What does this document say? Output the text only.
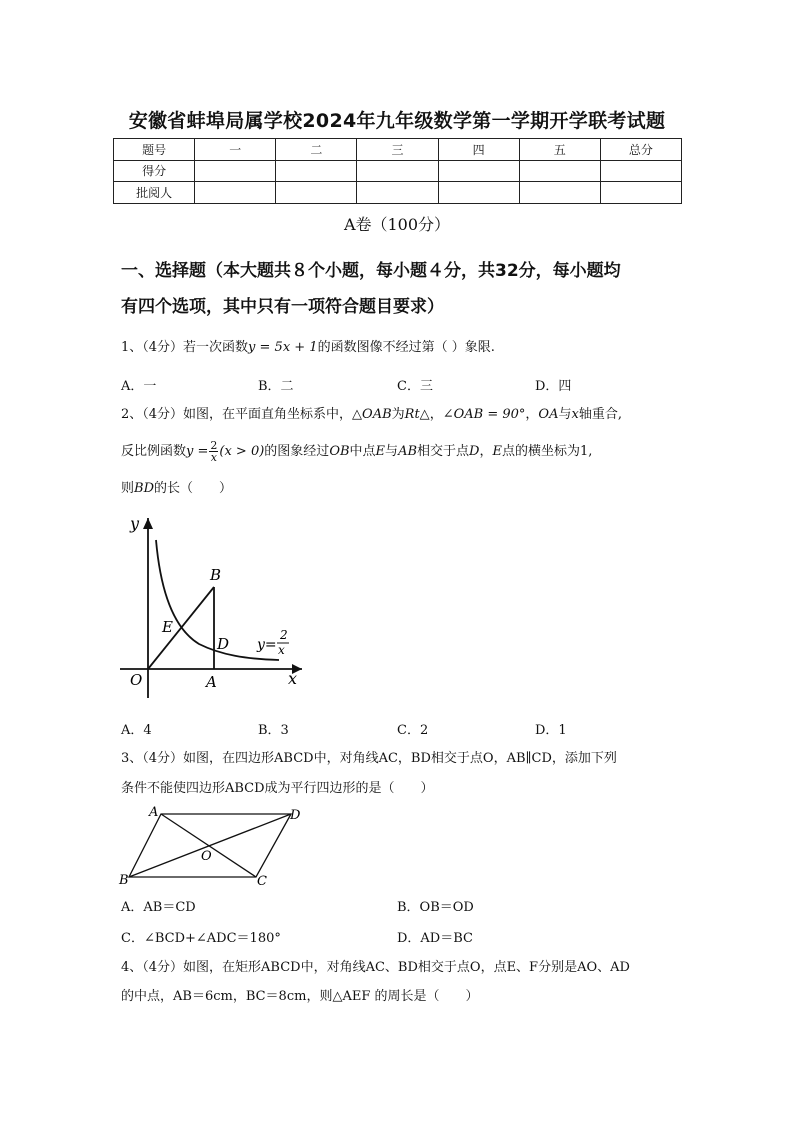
安徽省蚌埠局属学校2024年九年级数学第一学期开学联考试题
题号	一	二	三	四	五	总分
得分						
批阅人						
A卷（100分）
一、选择题（本大题共８个小题，每小题４分，共32分，每小题均
有四个选项，其中只有一项符合题目要求）
1、（4分）若一次函数y = 5x + 1的函数图像不经过第（ ）象限.
A．一	B．二	C．三	D．四
2、（4分）如图，在平面直角坐标系中，△OAB为Rt△，∠OAB = 90°，OA与x轴重合,
反比例函数$y = \frac{2}{x} (x > 0)$的图象经过OB中点E与AB相交于点D，E点的横坐标为1,
则BD的长（　　）
y
x
O	A
B
D
E
y=
2
x
A．4	B．3	C．2	D．1
3、（4分）如图，在四边形ABCD中，对角线AC，BD相交于点O，AB∥CD，添加下列
条件不能使四边形ABCD成为平行四边形的是（　　）
A	D
B	C
O
A．AB＝CD	B．OB＝OD
C．∠BCD+∠ADC＝180°	D．AD＝BC
4、（4分）如图，在矩形ABCD中，对角线AC、BD相交于点O，点E、F分别是AO、AD
的中点，AB＝6cm，BC＝8cm，则△AEF 的周长是（　　）
